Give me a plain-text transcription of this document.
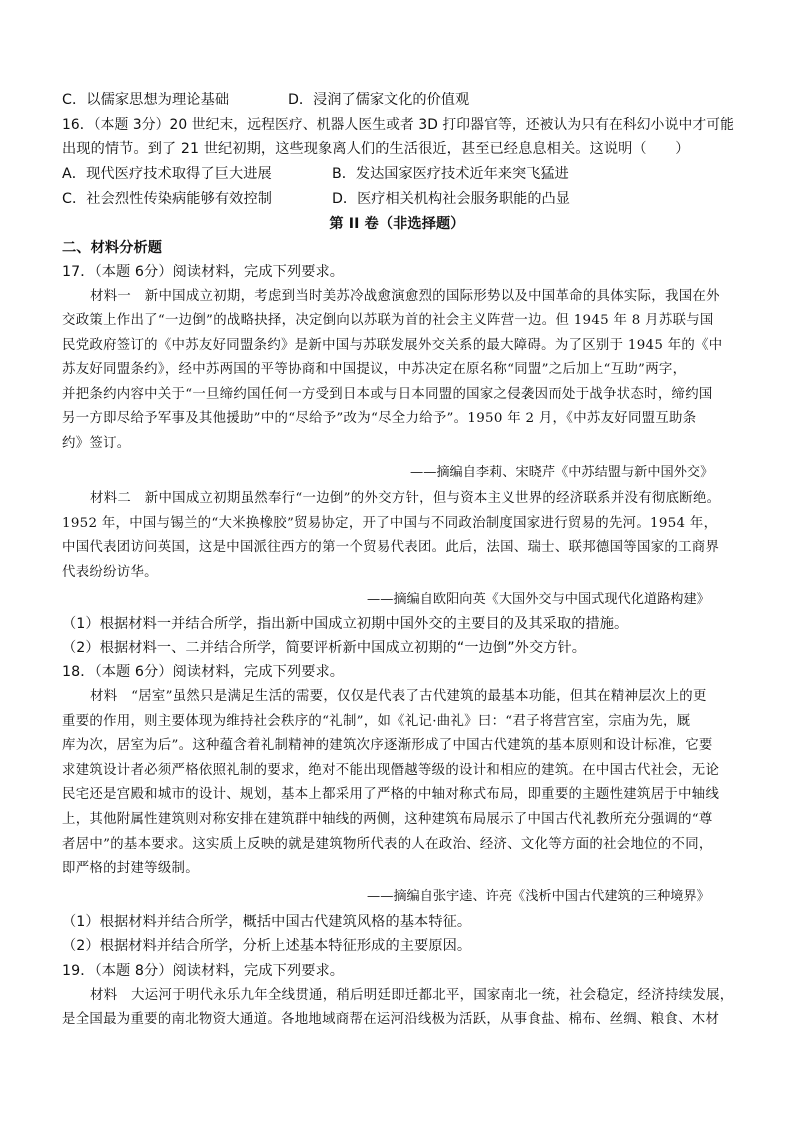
C．以儒家思想为理论基础	D．浸润了儒家文化的价值观
16．（本题 3分）20 世纪末，远程医疗、机器人医生或者 3D 打印器官等，还被认为只有在科幻小说中才可能
出现的情节。到了 21 世纪初期，这些现象离人们的生活很近，甚至已经息息相关。这说明（　　）
A．现代医疗技术取得了巨大进展	B．发达国家医疗技术近年来突飞猛进
C．社会烈性传染病能够有效控制	D．医疗相关机构社会服务职能的凸显
第 II 卷（非选择题）
二、材料分析题
17．（本题 6分）阅读材料，完成下列要求。
材料一　新中国成立初期，考虑到当时美苏冷战愈演愈烈的国际形势以及中国革命的具体实际，我国在外
交政策上作出了“一边倒”的战略抉择，决定倒向以苏联为首的社会主义阵营一边。但 1945 年 8 月苏联与国
民党政府签订的《中苏友好同盟条约》是新中国与苏联发展外交关系的最大障碍。为了区别于 1945 年的《中
苏友好同盟条约》，经中苏两国的平等协商和中国提议，中苏决定在原名称“同盟”之后加上“互助”两字，
并把条约内容中关于“一旦缔约国任何一方受到日本或与日本同盟的国家之侵袭因而处于战争状态时，缔约国
另一方即尽给予军事及其他援助”中的“尽给予”改为“尽全力给予”。1950 年 2 月，《中苏友好同盟互助条
约》签订。
——摘编自李莉、宋晓芹《中苏结盟与新中国外交》
材料二　新中国成立初期虽然奉行“一边倒”的外交方针，但与资本主义世界的经济联系并没有彻底断绝。
1952 年，中国与锡兰的“大米换橡胶”贸易协定，开了中国与不同政治制度国家进行贸易的先河。1954 年，
中国代表团访问英国，这是中国派往西方的第一个贸易代表团。此后，法国、瑞士、联邦德国等国家的工商界
代表纷纷访华。
——摘编自欧阳向英《大国外交与中国式现代化道路构建》
（1）根据材料一并结合所学，指出新中国成立初期中国外交的主要目的及其采取的措施。
（2）根据材料一、二并结合所学，简要评析新中国成立初期的“一边倒”外交方针。
18．（本题 6分）阅读材料，完成下列要求。
材料　“居室”虽然只是满足生活的需要，仅仅是代表了古代建筑的最基本功能，但其在精神层次上的更
重要的作用，则主要体现为维持社会秩序的“礼制”，如《礼记·曲礼》曰：“君子将营宫室，宗庙为先，厩
库为次，居室为后”。这种蕴含着礼制精神的建筑次序逐渐形成了中国古代建筑的基本原则和设计标准，它要
求建筑设计者必须严格依照礼制的要求，绝对不能出现僭越等级的设计和相应的建筑。在中国古代社会，无论
民宅还是宫殿和城市的设计、规划，基本上都采用了严格的中轴对称式布局，即重要的主题性建筑居于中轴线
上，其他附属性建筑则对称安排在建筑群中轴线的两侧，这种建筑布局展示了中国古代礼教所充分强调的“尊
者居中”的基本要求。这实质上反映的就是建筑物所代表的人在政治、经济、文化等方面的社会地位的不同，
即严格的封建等级制。
——摘编自张宇逵、许亮《浅析中国古代建筑的三种境界》
（1）根据材料并结合所学，概括中国古代建筑风格的基本特征。
（2）根据材料并结合所学，分析上述基本特征形成的主要原因。
19．（本题 8分）阅读材料，完成下列要求。
材料　大运河于明代永乐九年全线贯通，稍后明廷即迁都北平，国家南北一统，社会稳定，经济持续发展，
是全国最为重要的南北物资大通道。各地地域商帮在运河沿线极为活跃，从事食盐、棉布、丝绸、粮食、木材
